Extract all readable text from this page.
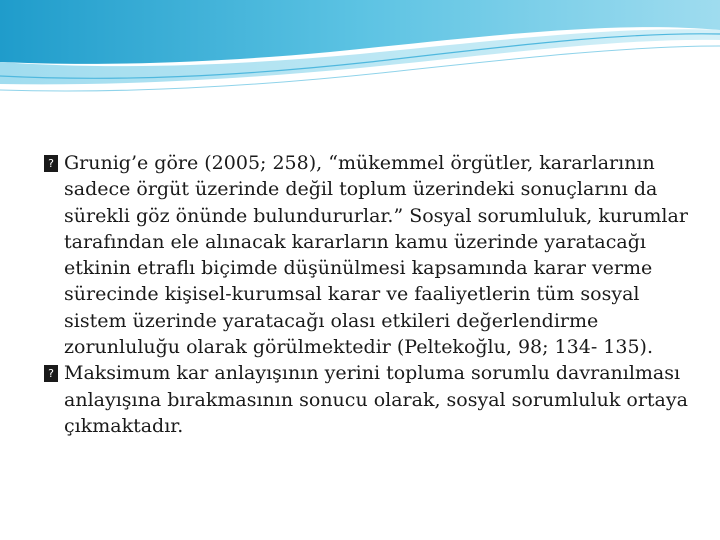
? Grunig’e göre (2005; 258), “mükemmel örgütler, kararlarının sadece örgüt üzerinde değil toplum üzerindeki sonuçlarını da sürekli göz önünde bulundururlar.” Sosyal sorumluluk, kurumlar tarafından ele alınacak kararların kamu üzerinde yaratacağı etkinin etraflı biçimde düşünülmesi kapsamında karar verme sürecinde kişisel-kurumsal karar ve faaliyetlerin tüm sosyal sistem üzerinde yaratacağı olası etkileri değerlendirme zorunluluğu olarak görülmektedir (Peltekoğlu, 98; 134- 135).

? Maksimum kar anlayışının yerini topluma sorumlu davranılması anlayışına bırakmasının sonucu olarak, sosyal sorumluluk ortaya çıkmaktadır.
